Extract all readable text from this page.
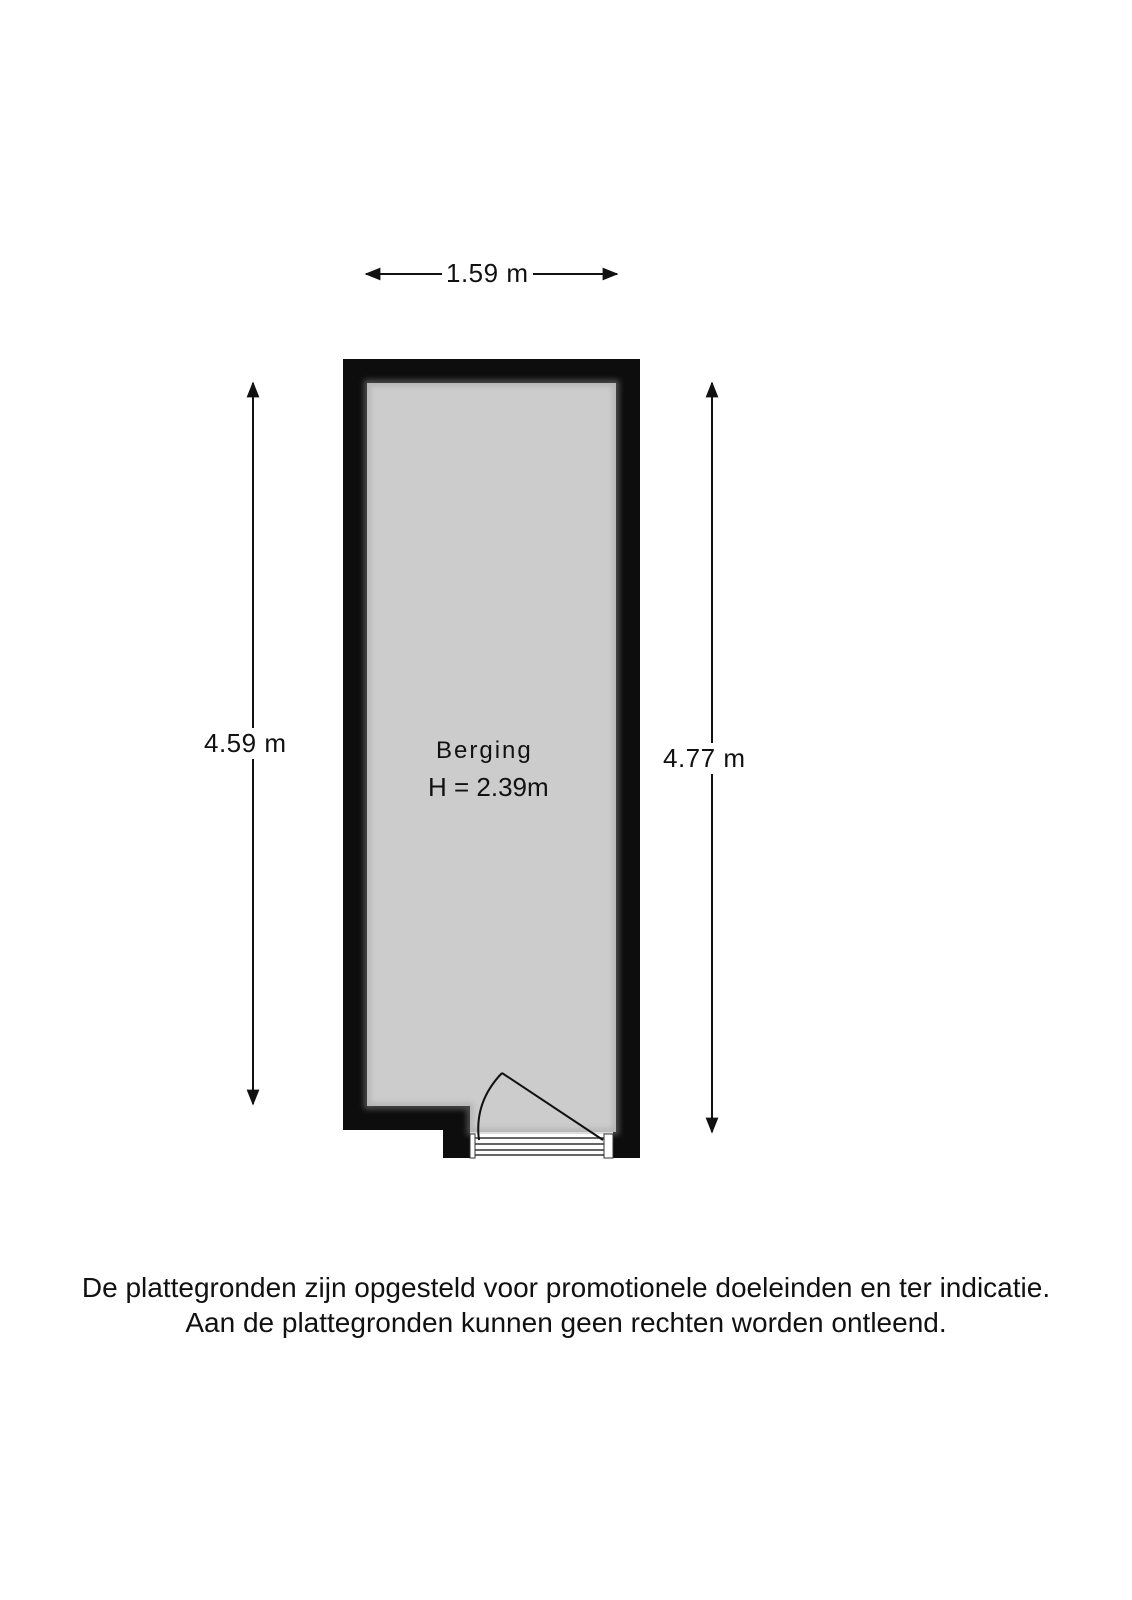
1.59 m
4.59 m	4.77 m
Berging
H = 2.39m
De plattegronden zijn opgesteld voor promotionele doeleinden en ter indicatie.
Aan de plattegronden kunnen geen rechten worden ontleend.
